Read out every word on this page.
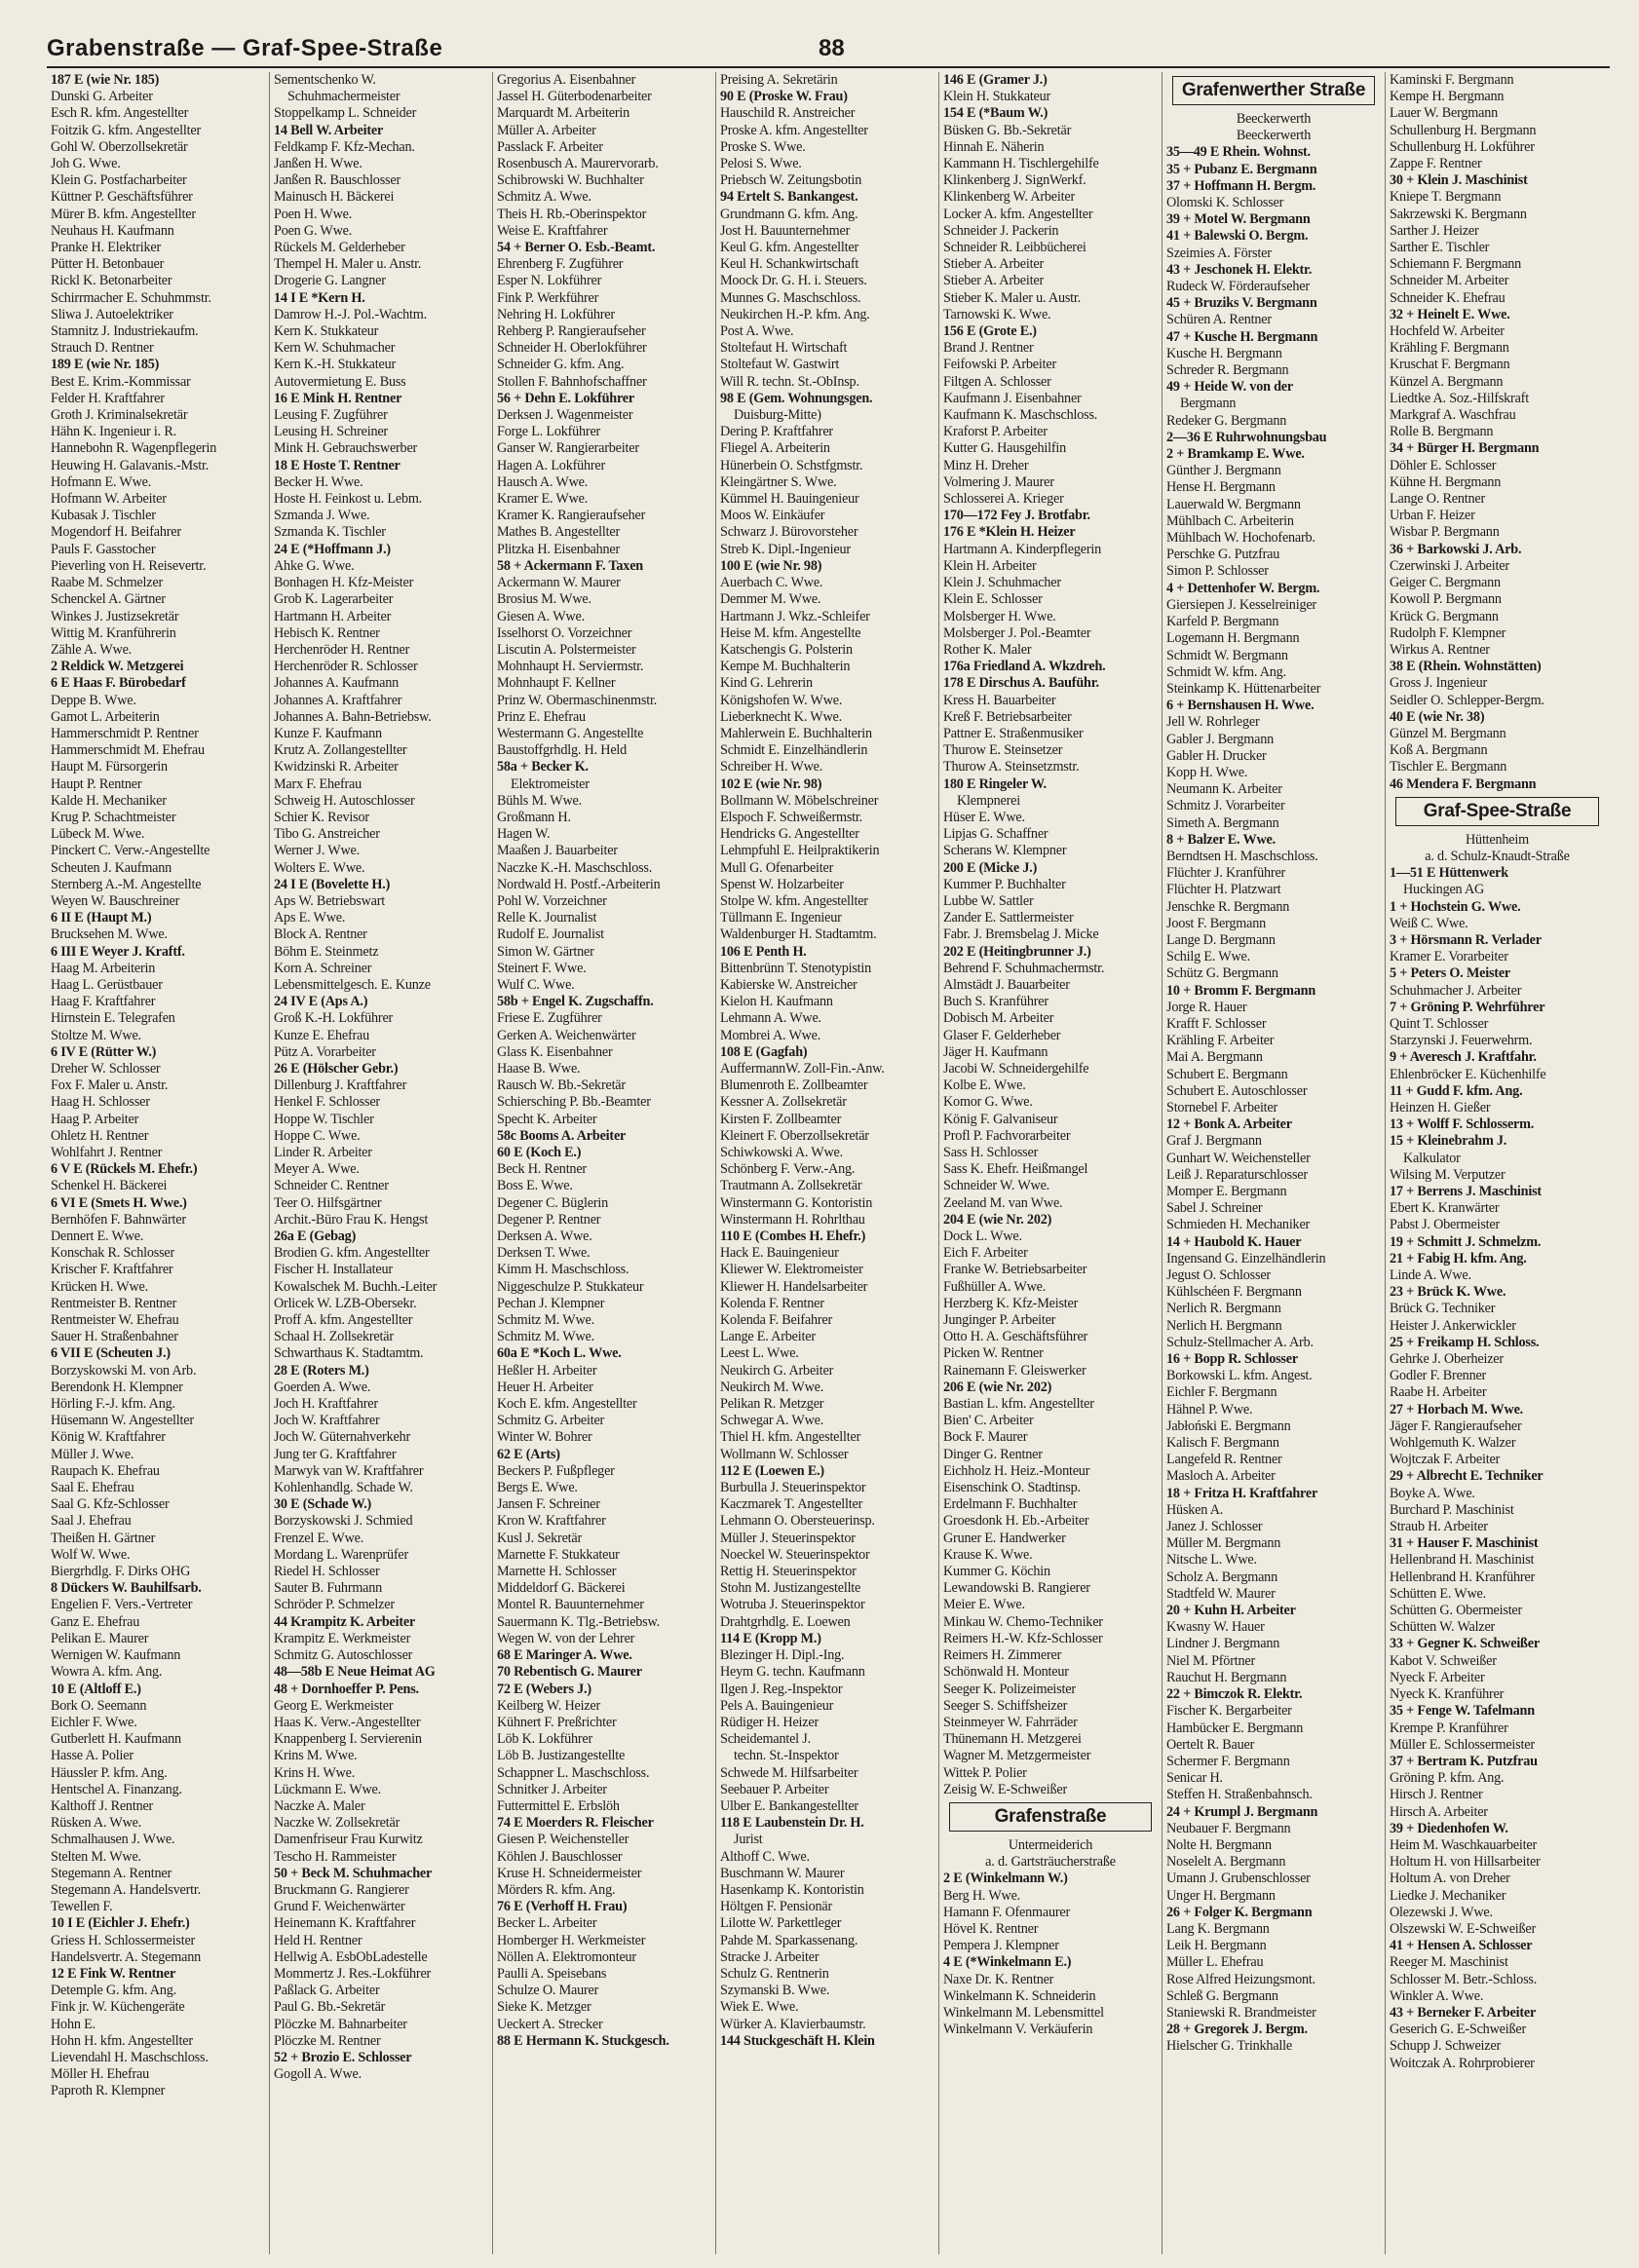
Grabenstraße — Graf-Spee-Straße	88
187 E (wie Nr. 185)
Dunski G. Arbeiter
Esch R. kfm. Angestellter
Foitzik G. kfm. Angestellter
Gohl W. Oberzollsekretär
Joh G. Wwe.
Klein G. Postfacharbeiter
Küttner P. Geschäftsführer
Mürer B. kfm. Angestellter
Neuhaus H. Kaufmann
Pranke H. Elektriker
Pütter H. Betonbauer
Rickl K. Betonarbeiter
Schirrmacher E. Schuhmmstr.
Sliwa J. Autoelektriker
Stamnitz J. Industriekaufm.
Strauch D. Rentner
189 E (wie Nr. 185)
Best E. Krim.-Kommissar
Felder H. Kraftfahrer
Groth J. Kriminalsekretär
Hähn K. Ingenieur i. R.
Hannebohn R. Wagenpflegerin
Heuwing H. Galavanis.-Mstr.
Hofmann E. Wwe.
Hofmann W. Arbeiter
Kubasak J. Tischler
Mogendorf H. Beifahrer
Pauls F. Gasstocher
Pieverling von H. Reisevertr.
Raabe M. Schmelzer
Schenckel A. Gärtner
Winkes J. Justizsekretär
Wittig M. Kranführerin
Zähle A. Wwe.
2 Reldick W. Metzgerei
6 E Haas F. Bürobedarf
Deppe B. Wwe.
Gamot L. Arbeiterin
Hammerschmidt P. Rentner
Hammerschmidt M. Ehefrau
Haupt M. Fürsorgerin
Haupt P. Rentner
Kalde H. Mechaniker
Krug P. Schachtmeister
Lübeck M. Wwe.
Pinckert C. Verw.-Angestellte
Scheuten J. Kaufmann
Sternberg A.-M. Angestellte
Weyen W. Bauschreiner
6 II E (Haupt M.)
Brucksehen M. Wwe.
6 III E Weyer J. Kraftf.
Haag M. Arbeiterin
Haag L. Gerüstbauer
Haag F. Kraftfahrer
Hirnstein E. Telegrafen
Stoltze M. Wwe.
6 IV E (Rütter W.)
Dreher W. Schlosser
Fox F. Maler u. Anstr.
Haag H. Schlosser
Haag P. Arbeiter
Ohletz H. Rentner
Wohlfahrt J. Rentner
6 V E (Rückels M. Ehefr.)
Schenkel H. Bäckerei
6 VI E (Smets H. Wwe.)
Bernhöfen F. Bahnwärter
Dennert E. Wwe.
Konschak R. Schlosser
Krischer F. Kraftfahrer
Krücken H. Wwe.
Rentmeister B. Rentner
Rentmeister W. Ehefrau
Sauer H. Straßenbahner
6 VII E (Scheuten J.)
Borzyskowski M. von Arb.
Berendonk H. Klempner
Hörling F.-J. kfm. Ang.
Hüsemann W. Angestellter
König W. Kraftfahrer
Müller J. Wwe.
Raupach K. Ehefrau
Saal E. Ehefrau
Saal G. Kfz-Schlosser
Saal J. Ehefrau
Theißen H. Gärtner
Wolf W. Wwe.
Biergrhdlg. F. Dirks OHG
8 Dückers W. Bauhilfsarb.
Engelien F. Vers.-Vertreter
Ganz E. Ehefrau
Pelikan E. Maurer
Wernigen W. Kaufmann
Wowra A. kfm. Ang.
10 E (Altloff E.)
Bork O. Seemann
Eichler F. Wwe.
Gutberlett H. Kaufmann
Hasse A. Polier
Häussler P. kfm. Ang.
Hentschel A. Finanzang.
Kalthoff J. Rentner
Rüsken A. Wwe.
Schmalhausen J. Wwe.
Stelten M. Wwe.
Stegemann A. Rentner
Stegemann A. Handelsvertr.
Tewellen F.
10 I E (Eichler J. Ehefr.)
Griess H. Schlossermeister
Handelsvertr. A. Stegemann
12 E Fink W. Rentner
Detemple G. kfm. Ang.
Fink jr. W. Küchengeräte
Hohn E.
Hohn H. kfm. Angestellter
Lievendahl H. Maschschloss.
Möller H. Ehefrau
Paproth R. Klempner
Sementschenko W.
Schuhmachermeister
Stoppelkamp L. Schneider
14 Bell W. Arbeiter
Feldkamp F. Kfz-Mechan.
Janßen H. Wwe.
Janßen R. Bauschlosser
Mainusch H. Bäckerei
Poen H. Wwe.
Poen G. Wwe.
Rückels M. Gelderheber
Thempel H. Maler u. Anstr.
Drogerie G. Langner
14 I E *Kern H.
Damrow H.-J. Pol.-Wachtm.
Kern K. Stukkateur
Kern W. Schuhmacher
Kern K.-H. Stukkateur
Autovermietung E. Buss
16 E Mink H. Rentner
Leusing F. Zugführer
Leusing H. Schreiner
Mink H. Gebrauchswerber
18 E Hoste T. Rentner
Becker H. Wwe.
Hoste H. Feinkost u. Lebm.
Szmanda J. Wwe.
Szmanda K. Tischler
24 E (*Hoffmann J.)
Ahke G. Wwe.
Bonhagen H. Kfz-Meister
Grob K. Lagerarbeiter
Hartmann H. Arbeiter
Hebisch K. Rentner
Herchenröder H. Rentner
Herchenröder R. Schlosser
Johannes A. Kaufmann
Johannes A. Kraftfahrer
Johannes A. Bahn-Betriebsw.
Kunze F. Kaufmann
Krutz A. Zollangestellter
Kwidzinski R. Arbeiter
Marx F. Ehefrau
Schweig H. Autoschlosser
Schier K. Revisor
Tibo G. Anstreicher
Werner J. Wwe.
Wolters E. Wwe.
24 I E (Bovelette H.)
Aps W. Betriebswart
Aps E. Wwe.
Block A. Rentner
Böhm E. Steinmetz
Korn A. Schreiner
Lebensmittelgesch. E. Kunze
24 IV E (Aps A.)
Groß K.-H. Lokführer
Kunze E. Ehefrau
Pütz A. Vorarbeiter
26 E (Hölscher Gebr.)
Dillenburg J. Kraftfahrer
Henkel F. Schlosser
Hoppe W. Tischler
Hoppe C. Wwe.
Linder R. Arbeiter
Meyer A. Wwe.
Schneider C. Rentner
Teer O. Hilfsgärtner
Archit.-Büro Frau K. Hengst
26a E (Gebag)
Brodien G. kfm. Angestellter
Fischer H. Installateur
Kowalschek M. Buchh.-Leiter
Orlicek W. LZB-Obersekr.
Proff A. kfm. Angestellter
Schaal H. Zollsekretär
Schwarthaus K. Stadtamtm.
28 E (Roters M.)
Goerden A. Wwe.
Joch H. Kraftfahrer
Joch W. Kraftfahrer
Joch W. Güternahverkehr
Jung ter G. Kraftfahrer
Marwyk van W. Kraftfahrer
Kohlenhandlg. Schade W.
30 E (Schade W.)
Borzyskowski J. Schmied
Frenzel E. Wwe.
Mordang L. Warenprüfer
Riedel H. Schlosser
Sauter B. Fuhrmann
Schröder P. Schmelzer
44 Krampitz K. Arbeiter
Krampitz E. Werkmeister
Schmitz G. Autoschlosser
48—58b E Neue Heimat AG
48 + Dornhoeffer P. Pens.
Georg E. Werkmeister
Haas K. Verw.-Angestellter
Knappenberg I. Servierenin
Krins M. Wwe.
Krins H. Wwe.
Lückmann E. Wwe.
Naczke A. Maler
Naczke W. Zollsekretär
Damenfriseur Frau Kurwitz
Tescho H. Rammeister
50 + Beck M. Schuhmacher
Bruckmann G. Rangierer
Grund F. Weichenwärter
Heinemann K. Kraftfahrer
Held H. Rentner
Hellwig A. EsbObLadestelle
Mommertz J. Res.-Lokführer
Paßlack G. Arbeiter
Paul G. Bb.-Sekretär
Plöczke M. Bahnarbeiter
Plöczke M. Rentner
52 + Brozio E. Schlosser
Gogoll A. Wwe.
Gregorius A. Eisenbahner
Jassel H. Güterbodenarbeiter
Marquardt M. Arbeiterin
Müller A. Arbeiter
Passlack F. Arbeiter
Rosenbusch A. Maurervorarb.
Schibrowski W. Buchhalter
Schmitz A. Wwe.
Theis H. Rb.-Oberinspektor
Weise E. Kraftfahrer
54 + Berner O. Esb.-Beamt.
Ehrenberg F. Zugführer
Esper N. Lokführer
Fink P. Werkführer
Nehring H. Lokführer
Rehberg P. Rangieraufseher
Schneider H. Oberlokführer
Schneider G. kfm. Ang.
Stollen F. Bahnhofschaffner
56 + Dehn E. Lokführer
Derksen J. Wagenmeister
Forge L. Lokführer
Ganser W. Rangierarbeiter
Hagen A. Lokführer
Hausch A. Wwe.
Kramer E. Wwe.
Kramer K. Rangieraufseher
Mathes B. Angestellter
Plitzka H. Eisenbahner
58 + Ackermann F. Taxen
Ackermann W. Maurer
Brosius M. Wwe.
Giesen A. Wwe.
Isselhorst O. Vorzeichner
Liscutin A. Polstermeister
Mohnhaupt H. Serviermstr.
Mohnhaupt F. Kellner
Prinz W. Obermaschinenmstr.
Prinz E. Ehefrau
Westermann G. Angestellte
Baustoffgrhdlg. H. Held
58a + Becker K.
Elektromeister
Bühls M. Wwe.
Großmann H.
Hagen W.
Maaßen J. Bauarbeiter
Naczke K.-H. Maschschloss.
Nordwald H. Postf.-Arbeiterin
Pohl W. Vorzeichner
Relle K. Journalist
Rudolf E. Journalist
Simon W. Gärtner
Steinert F. Wwe.
Wulf C. Wwe.
58b + Engel K. Zugschaffn.
Friese E. Zugführer
Gerken A. Weichenwärter
Glass K. Eisenbahner
Haase B. Wwe.
Rausch W. Bb.-Sekretär
Schiersching P. Bb.-Beamter
Specht K. Arbeiter
58c Booms A. Arbeiter
60 E (Koch E.)
Beck H. Rentner
Boss E. Wwe.
Degener C. Büglerin
Degener P. Rentner
Derksen A. Wwe.
Derksen T. Wwe.
Kimm H. Maschschloss.
Niggeschulze P. Stukkateur
Pechan J. Klempner
Schmitz M. Wwe.
Schmitz M. Wwe.
60a E *Koch L. Wwe.
Heßler H. Arbeiter
Heuer H. Arbeiter
Koch E. kfm. Angestellter
Schmitz G. Arbeiter
Winter W. Bohrer
62 E (Arts)
Beckers P. Fußpfleger
Bergs E. Wwe.
Jansen F. Schreiner
Kron W. Kraftfahrer
Kusl J. Sekretär
Marnette F. Stukkateur
Marnette H. Schlosser
Middeldorf G. Bäckerei
Montel R. Bauunternehmer
Sauermann K. Tlg.-Betriebsw.
Wegen W. von der Lehrer
68 E Maringer A. Wwe.
70 Rebentisch G. Maurer
72 E (Webers J.)
Keilberg W. Heizer
Kühnert F. Preßrichter
Löb K. Lokführer
Löb B. Justizangestellte
Schappner L. Maschschloss.
Schnitker J. Arbeiter
Futtermittel E. Erbslöh
74 E Moerders R. Fleischer
Giesen P. Weichensteller
Köhlen J. Bauschlosser
Kruse H. Schneidermeister
Mörders R. kfm. Ang.
76 E (Verhoff H. Frau)
Becker L. Arbeiter
Homberger H. Werkmeister
Nöllen A. Elektromonteur
Paulli A. Speisebans
Schulze O. Maurer
Sieke K. Metzger
Ueckert A. Strecker
88 E Hermann K. Stuckgesch.
Preising A. Sekretärin
90 E (Proske W. Frau)
Hauschild R. Anstreicher
Proske A. kfm. Angestellter
Proske S. Wwe.
Pelosi S. Wwe.
Priebsch W. Zeitungsbotin
94 Ertelt S. Bankangest.
Grundmann G. kfm. Ang.
Jost H. Bauunternehmer
Keul G. kfm. Angestellter
Keul H. Schankwirtschaft
Moock Dr. G. H. i. Steuers.
Munnes G. Maschschloss.
Neukirchen H.-P. kfm. Ang.
Post A. Wwe.
Stoltefaut H. Wirtschaft
Stoltefaut W. Gastwirt
Will R. techn. St.-ObInsp.
98 E (Gem. Wohnungsgen.
Duisburg-Mitte)
Dering P. Kraftfahrer
Fliegel A. Arbeiterin
Hünerbein O. Schstfgmstr.
Kleingärtner S. Wwe.
Kümmel H. Bauingenieur
Moos W. Einkäufer
Schwarz J. Bürovorsteher
Streb K. Dipl.-Ingenieur
100 E (wie Nr. 98)
Auerbach C. Wwe.
Demmer M. Wwe.
Hartmann J. Wkz.-Schleifer
Heise M. kfm. Angestellte
Katschengis G. Polsterin
Kempe M. Buchhalterin
Kind G. Lehrerin
Königshofen W. Wwe.
Lieberknecht K. Wwe.
Mahlerwein E. Buchhalterin
Schmidt E. Einzelhändlerin
Schreiber H. Wwe.
102 E (wie Nr. 98)
Bollmann W. Möbelschreiner
Elspoch F. Schweißermstr.
Hendricks G. Angestellter
Lehmpfuhl E. Heilpraktikerin
Mull G. Ofenarbeiter
Spenst W. Holzarbeiter
Stolpe W. kfm. Angestellter
Tüllmann E. Ingenieur
Waldenburger H. Stadtamtm.
106 E Penth H.
Bittenbrünn T. Stenotypistin
Kabierske W. Anstreicher
Kielon H. Kaufmann
Lehmann A. Wwe.
Mombrei A. Wwe.
108 E (Gagfah)
AuffermannW. Zoll-Fin.-Anw.
Blumenroth E. Zollbeamter
Kessner A. Zollsekretär
Kirsten F. Zollbeamter
Kleinert F. Oberzollsekretär
Schiwkowski A. Wwe.
Schönberg F. Verw.-Ang.
Trautmann A. Zollsekretär
Winstermann G. Kontoristin
Winstermann H. Rohrlthau
110 E (Combes H. Ehefr.)
Hack E. Bauingenieur
Kliewer W. Elektromeister
Kliewer H. Handelsarbeiter
Kolenda F. Rentner
Kolenda F. Beifahrer
Lange E. Arbeiter
Leest L. Wwe.
Neukirch G. Arbeiter
Neukirch M. Wwe.
Pelikan R. Metzger
Schwegar A. Wwe.
Thiel H. kfm. Angestellter
Wollmann W. Schlosser
112 E (Loewen E.)
Burbulla J. Steuerinspektor
Kaczmarek T. Angestellter
Lehmann O. Obersteuerinsp.
Müller J. Steuerinspektor
Noeckel W. Steuerinspektor
Rettig H. Steuerinspektor
Stohn M. Justizangestellte
Wotruba J. Steuerinspektor
Drahtgrhdlg. E. Loewen
114 E (Kropp M.)
Blezinger H. Dipl.-Ing.
Heym G. techn. Kaufmann
Ilgen J. Reg.-Inspektor
Pels A. Bauingenieur
Rüdiger H. Heizer
Scheidemantel J.
techn. St.-Inspektor
Schwede M. Hilfsarbeiter
Seebauer P. Arbeiter
Ulber E. Bankangestellter
118 E Laubenstein Dr. H.
Jurist
Althoff C. Wwe.
Buschmann W. Maurer
Hasenkamp K. Kontoristin
Höltgen F. Pensionär
Lilotte W. Parkettleger
Pahde M. Sparkassenang.
Stracke J. Arbeiter
Schulz G. Rentnerin
Szymanski B. Wwe.
Wiek E. Wwe.
Würker A. Klavierbaumstr.
144 Stuckgeschäft H. Klein
146 E (Gramer J.)
Klein H. Stukkateur
154 E (*Baum W.)
Büsken G. Bb.-Sekretär
Hinnah E. Näherin
Kammann H. Tischlergehilfe
Klinkenberg J. SignWerkf.
Klinkenberg W. Arbeiter
Locker A. kfm. Angestellter
Schneider J. Packerin
Schneider R. Leibbücherei
Stieber A. Arbeiter
Stieber A. Arbeiter
Stieber K. Maler u. Austr.
Tarnowski K. Wwe.
156 E (Grote E.)
Brand J. Rentner
Feifowski P. Arbeiter
Filtgen A. Schlosser
Kaufmann J. Eisenbahner
Kaufmann K. Maschschloss.
Kraforst P. Arbeiter
Kutter G. Hausgehilfin
Minz H. Dreher
Volmering J. Maurer
Schlosserei A. Krieger
170—172 Fey J. Brotfabr.
176 E *Klein H. Heizer
Hartmann A. Kinderpflegerin
Klein H. Arbeiter
Klein J. Schuhmacher
Klein E. Schlosser
Molsberger H. Wwe.
Molsberger J. Pol.-Beamter
Rother K. Maler
176a Friedland A. Wkzdreh.
178 E Dirschus A. Bauführ.
Kress H. Bauarbeiter
Kreß F. Betriebsarbeiter
Pattner E. Straßenmusiker
Thurow E. Steinsetzer
Thurow A. Steinsetzmstr.
180 E Ringeler W.
Klempnerei
Hüser E. Wwe.
Lipjas G. Schaffner
Scherans W. Klempner
200 E (Micke J.)
Kummer P. Buchhalter
Lubbe W. Sattler
Zander E. Sattlermeister
Fabr. J. Bremsbelag J. Micke
202 E (Heitingbrunner J.)
Behrend F. Schuhmachermstr.
Almstädt J. Bauarbeiter
Buch S. Kranführer
Dobisch M. Arbeiter
Glaser F. Gelderheber
Jäger H. Kaufmann
Jacobi W. Schneidergehilfe
Kolbe E. Wwe.
Komor G. Wwe.
König F. Galvaniseur
Profl P. Fachvorarbeiter
Sass H. Schlosser
Sass K. Ehefr. Heißmangel
Schneider W. Wwe.
Zeeland M. van Wwe.
204 E (wie Nr. 202)
Dock L. Wwe.
Eich F. Arbeiter
Franke W. Betriebsarbeiter
Fußhüller A. Wwe.
Herzberg K. Kfz-Meister
Junginger P. Arbeiter
Otto H. A. Geschäftsführer
Picken W. Rentner
Rainemann F. Gleiswerker
206 E (wie Nr. 202)
Bastian L. kfm. Angestellter
Bien' C. Arbeiter
Bock F. Maurer
Dinger G. Rentner
Eichholz H. Heiz.-Monteur
Eisenschink O. Stadtinsp.
Erdelmann F. Buchhalter
Groesdonk H. Eb.-Arbeiter
Gruner E. Handwerker
Krause K. Wwe.
Kummer G. Köchin
Lewandowski B. Rangierer
Meier E. Wwe.
Minkau W. Chemo-Techniker
Reimers H.-W. Kfz-Schlosser
Reimers H. Zimmerer
Schönwald H. Monteur
Seeger K. Polizeimeister
Seeger S. Schiffsheizer
Steinmeyer W. Fahrräder
Thünemann H. Metzgerei
Wagner M. Metzgermeister
Wittek P. Polier
Zeisig W. E-Schweißer
Grafenstraße
Untermeiderich
a. d. Gartsträucherstraße
2 E (Winkelmann W.)
Berg H. Wwe.
Hamann F. Ofenmaurer
Hövel K. Rentner
Pempera J. Klempner
4 E (*Winkelmann E.)
Naxe Dr. K. Rentner
Winkelmann K. Schneiderin
Winkelmann M. Lebensmittel
Winkelmann V. Verkäuferin
Grafenwerther Straße
Beeckerwerth
Beeckerwerth
35—49 E Rhein. Wohnst.
35 + Pubanz E. Bergmann
37 + Hoffmann H. Bergm.
Olomski K. Schlosser
39 + Motel W. Bergmann
41 + Balewski O. Bergm.
Szeimies A. Förster
43 + Jeschonek H. Elektr.
Rudeck W. Förderaufseher
45 + Bruziks V. Bergmann
Schüren A. Rentner
47 + Kusche H. Bergmann
Kusche H. Bergmann
Schreder R. Bergmann
49 + Heide W. von der
Bergmann
Redeker G. Bergmann
2—36 E Ruhrwohnungsbau
2 + Bramkamp E. Wwe.
Günther J. Bergmann
Hense H. Bergmann
Lauerwald W. Bergmann
Mühlbach C. Arbeiterin
Mühlbach W. Hochofenarb.
Perschke G. Putzfrau
Simon P. Schlosser
4 + Dettenhofer W. Bergm.
Giersiepen J. Kesselreiniger
Karfeld P. Bergmann
Logemann H. Bergmann
Schmidt W. Bergmann
Schmidt W. kfm. Ang.
Steinkamp K. Hüttenarbeiter
6 + Bernshausen H. Wwe.
Jell W. Rohrleger
Gabler J. Bergmann
Gabler H. Drucker
Kopp H. Wwe.
Neumann K. Arbeiter
Schmitz J. Vorarbeiter
Simeth A. Bergmann
8 + Balzer E. Wwe.
Berndtsen H. Maschschloss.
Flüchter J. Kranführer
Flüchter H. Platzwart
Jenschke R. Bergmann
Joost F. Bergmann
Lange D. Bergmann
Schilg E. Wwe.
Schütz G. Bergmann
10 + Bromm F. Bergmann
Jorge R. Hauer
Krafft F. Schlosser
Krähling F. Arbeiter
Mai A. Bergmann
Schubert E. Bergmann
Schubert E. Autoschlosser
Stornebel F. Arbeiter
12 + Bonk A. Arbeiter
Graf J. Bergmann
Gunhart W. Weichensteller
Leiß J. Reparaturschlosser
Momper E. Bergmann
Sabel J. Schreiner
Schmieden H. Mechaniker
14 + Haubold K. Hauer
Ingensand G. Einzelhändlerin
Jegust O. Schlosser
Kühlschéen F. Bergmann
Nerlich R. Bergmann
Nerlich H. Bergmann
Schulz-Stellmacher A. Arb.
16 + Bopp R. Schlosser
Borkowski L. kfm. Angest.
Eichler F. Bergmann
Hähnel P. Wwe.
Jabłoński E. Bergmann
Kalisch F. Bergmann
Langefeld R. Rentner
Masloch A. Arbeiter
18 + Fritza H. Kraftfahrer
Hüsken A.
Janez J. Schlosser
Müller M. Bergmann
Nitsche L. Wwe.
Scholz A. Bergmann
Stadtfeld W. Maurer
20 + Kuhn H. Arbeiter
Kwasny W. Hauer
Lindner J. Bergmann
Niel M. Pförtner
Rauchut H. Bergmann
22 + Bimczok R. Elektr.
Fischer K. Bergarbeiter
Hambücker E. Bergmann
Oertelt R. Bauer
Schermer F. Bergmann
Senicar H.
Steffen H. Straßenbahnsch.
24 + Krumpl J. Bergmann
Neubauer F. Bergmann
Nolte H. Bergmann
Noselelt A. Bergmann
Umann J. Grubenschlosser
Unger H. Bergmann
26 + Folger K. Bergmann
Lang K. Bergmann
Leik H. Bergmann
Müller L. Ehefrau
Rose Alfred Heizungsmont.
Schleß G. Bergmann
Staniewski R. Brandmeister
28 + Gregorek J. Bergm.
Hielscher G. Trinkhalle
Kaminski F. Bergmann
Kempe H. Bergmann
Lauer W. Bergmann
Schullenburg H. Bergmann
Schullenburg H. Lokführer
Zappe F. Rentner
30 + Klein J. Maschinist
Kniepe T. Bergmann
Sakrzewski K. Bergmann
Sarther J. Heizer
Sarther E. Tischler
Schiemann F. Bergmann
Schneider M. Arbeiter
Schneider K. Ehefrau
32 + Heinelt E. Wwe.
Hochfeld W. Arbeiter
Krähling F. Bergmann
Kruschat F. Bergmann
Künzel A. Bergmann
Liedtke A. Soz.-Hilfskraft
Markgraf A. Waschfrau
Rolle B. Bergmann
34 + Bürger H. Bergmann
Döhler E. Schlosser
Kühne H. Bergmann
Lange O. Rentner
Urban F. Heizer
Wisbar P. Bergmann
36 + Barkowski J. Arb.
Czerwinski J. Arbeiter
Geiger C. Bergmann
Kowoll P. Bergmann
Krück G. Bergmann
Rudolph F. Klempner
Wirkus A. Rentner
38 E (Rhein. Wohnstätten)
Gross J. Ingenieur
Seidler O. Schlepper-Bergm.
40 E (wie Nr. 38)
Günzel M. Bergmann
Koß A. Bergmann
Tischler E. Bergmann
46 Mendera F. Bergmann
Graf-Spee-Straße
Hüttenheim
a. d. Schulz-Knaudt-Straße
1—51 E Hüttenwerk
Huckingen AG
1 + Hochstein G. Wwe.
Weiß C. Wwe.
3 + Hörsmann R. Verlader
Kramer E. Vorarbeiter
5 + Peters O. Meister
Schuhmacher J. Arbeiter
7 + Gröning P. Wehrführer
Quint T. Schlosser
Starzynski J. Feuerwehrm.
9 + Averesch J. Kraftfahr.
Ehlenbröcker E. Küchenhilfe
11 + Gudd F. kfm. Ang.
Heinzen H. Gießer
13 + Wolff F. Schlosserm.
15 + Kleinebrahm J.
Kalkulator
Wilsing M. Verputzer
17 + Berrens J. Maschinist
Ebert K. Kranwärter
Pabst J. Obermeister
19 + Schmitt J. Schmelzm.
21 + Fabig H. kfm. Ang.
Linde A. Wwe.
23 + Brück K. Wwe.
Brück G. Techniker
Heister J. Ankerwickler
25 + Freikamp H. Schloss.
Gehrke J. Oberheizer
Godler F. Brenner
Raabe H. Arbeiter
27 + Horbach M. Wwe.
Jäger F. Rangieraufseher
Wohlgemuth K. Walzer
Wojtczak F. Arbeiter
29 + Albrecht E. Techniker
Boyke A. Wwe.
Burchard P. Maschinist
Straub H. Arbeiter
31 + Hauser F. Maschinist
Hellenbrand H. Maschinist
Hellenbrand H. Kranführer
Schütten E. Wwe.
Schütten G. Obermeister
Schütten W. Walzer
33 + Gegner K. Schweißer
Kabot V. Schweißer
Nyeck F. Arbeiter
Nyeck K. Kranführer
35 + Fenge W. Tafelmann
Krempe P. Kranführer
Müller E. Schlossermeister
37 + Bertram K. Putzfrau
Gröning P. kfm. Ang.
Hirsch J. Rentner
Hirsch A. Arbeiter
39 + Diedenhofen W.
Heim M. Waschkauarbeiter
Holtum H. von Hillsarbeiter
Holtum A. von Dreher
Liedke J. Mechaniker
Olezewski J. Wwe.
Olszewski W. E-Schweißer
41 + Hensen A. Schlosser
Reeger M. Maschinist
Schlosser M. Betr.-Schloss.
Winkler A. Wwe.
43 + Berneker F. Arbeiter
Geserich G. E-Schweißer
Schupp J. Schweizer
Woitczak A. Rohrprobierer
